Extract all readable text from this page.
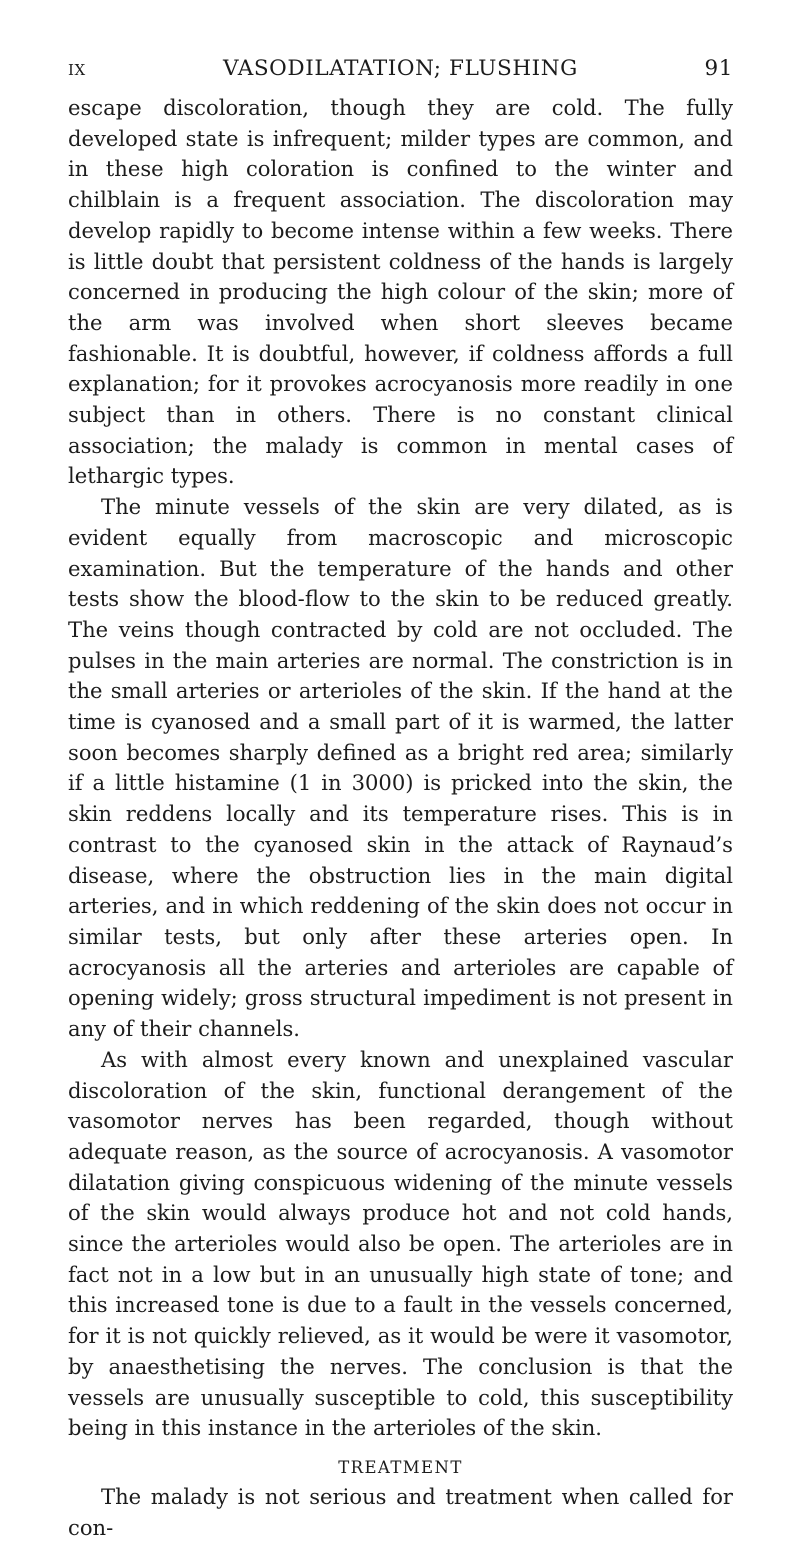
ix	VASODILATATION; FLUSHING	91

escape discoloration, though they are cold. The fully developed state is infrequent; milder types are common, and in these high coloration is confined to the winter and chilblain is a frequent association. The discoloration may develop rapidly to become intense within a few weeks. There is little doubt that persistent coldness of the hands is largely concerned in producing the high colour of the skin; more of the arm was involved when short sleeves became fashionable. It is doubtful, however, if coldness affords a full explanation; for it provokes acrocyanosis more readily in one subject than in others. There is no constant clinical association; the malady is common in mental cases of lethargic types.

The minute vessels of the skin are very dilated, as is evident equally from macroscopic and microscopic examination. But the temperature of the hands and other tests show the blood-flow to the skin to be reduced greatly. The veins though contracted by cold are not occluded. The pulses in the main arteries are normal. The constriction is in the small arteries or arterioles of the skin. If the hand at the time is cyanosed and a small part of it is warmed, the latter soon becomes sharply defined as a bright red area; similarly if a little histamine (1 in 3000) is pricked into the skin, the skin reddens locally and its temperature rises. This is in contrast to the cyanosed skin in the attack of Raynaud’s disease, where the obstruction lies in the main digital arteries, and in which reddening of the skin does not occur in similar tests, but only after these arteries open. In acrocyanosis all the arteries and arterioles are capable of opening widely; gross structural impediment is not present in any of their channels.

As with almost every known and unexplained vascular discoloration of the skin, functional derangement of the vasomotor nerves has been regarded, though without adequate reason, as the source of acrocyanosis. A vasomotor dilatation giving conspicuous widening of the minute vessels of the skin would always produce hot and not cold hands, since the arterioles would also be open. The arterioles are in fact not in a low but in an unusually high state of tone; and this increased tone is due to a fault in the vessels concerned, for it is not quickly relieved, as it would be were it vasomotor, by anaesthetising the nerves. The conclusion is that the vessels are unusually susceptible to cold, this susceptibility being in this instance in the arterioles of the skin.

TREATMENT

The malady is not serious and treatment when called for con-
